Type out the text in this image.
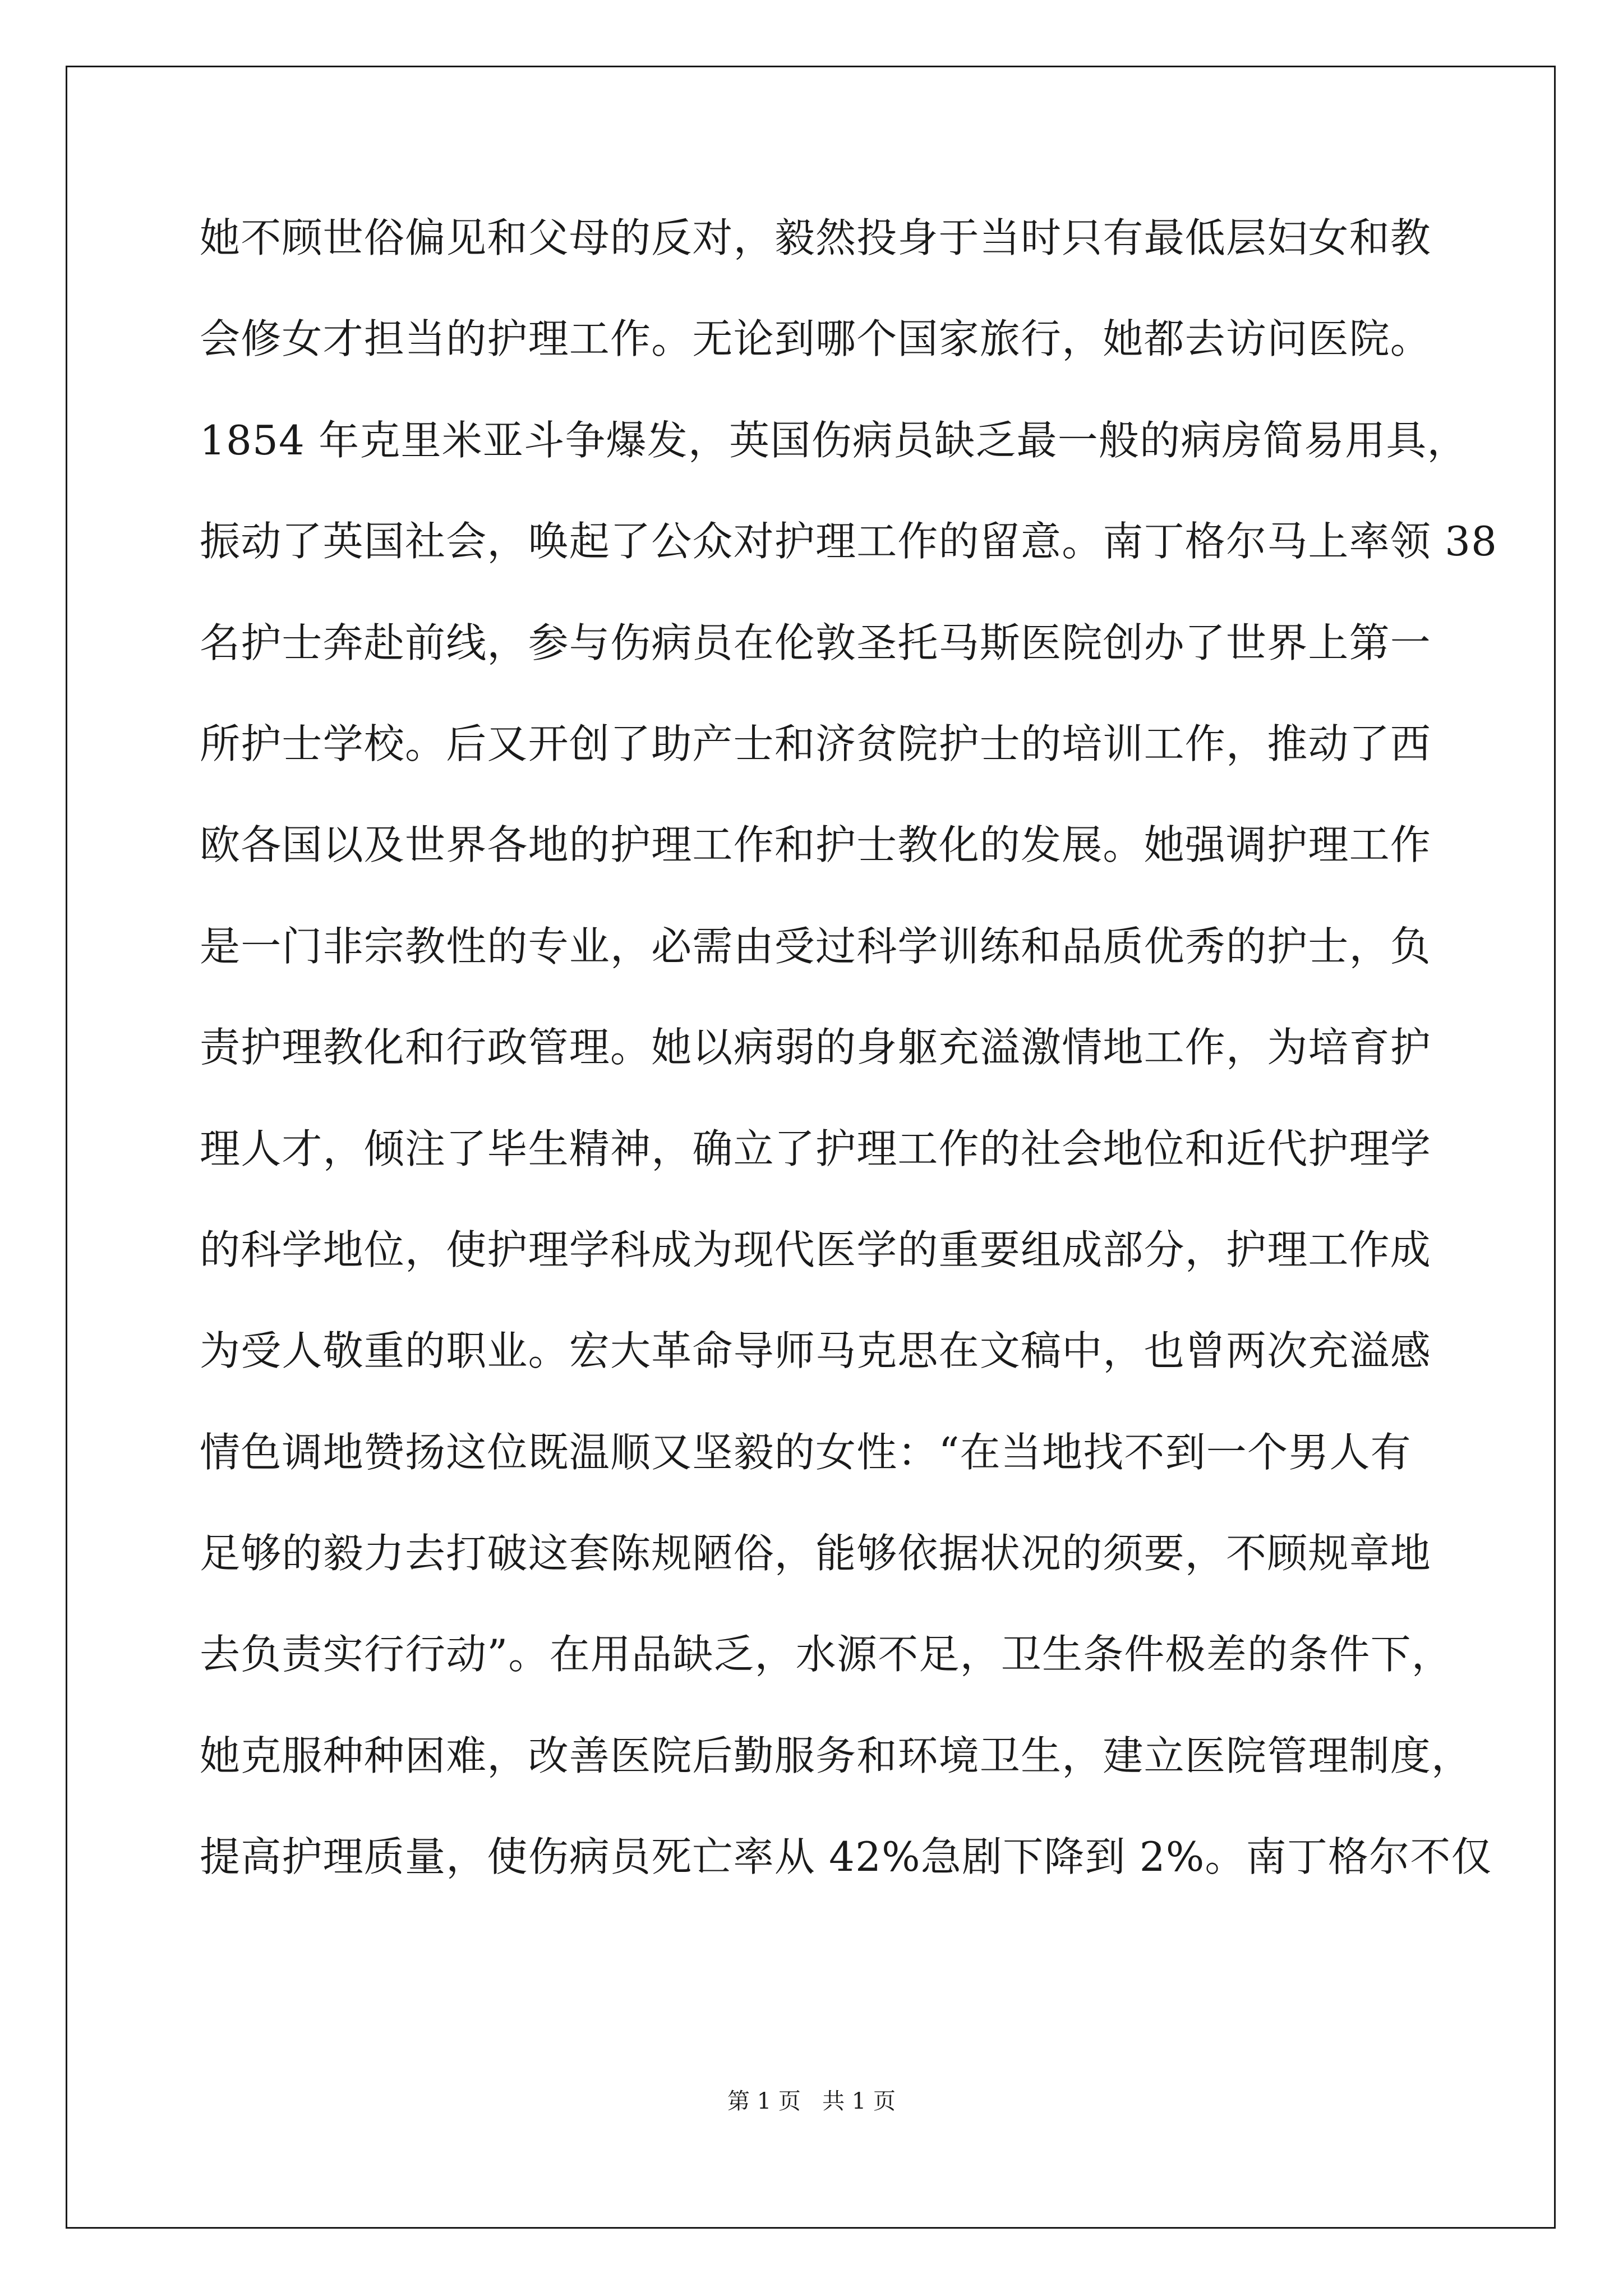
她不顾世俗偏见和父母的反对，毅然投身于当时只有最低层妇女和教
会修女才担当的护理工作。无论到哪个国家旅行，她都去访问医院。
1854 年克里米亚斗争爆发，英国伤病员缺乏最一般的病房简易用具，
振动了英国社会，唤起了公众对护理工作的留意。南丁格尔马上率领 38
名护士奔赴前线，参与伤病员在伦敦圣托马斯医院创办了世界上第一
所护士学校。后又开创了助产士和济贫院护士的培训工作，推动了西
欧各国以及世界各地的护理工作和护士教化的发展。她强调护理工作
是一门非宗教性的专业，必需由受过科学训练和品质优秀的护士，负
责护理教化和行政管理。她以病弱的身躯充溢激情地工作，为培育护
理人才，倾注了毕生精神，确立了护理工作的社会地位和近代护理学
的科学地位，使护理学科成为现代医学的重要组成部分，护理工作成
为受人敬重的职业。宏大革命导师马克思在文稿中，也曾两次充溢感
情色调地赞扬这位既温顺又坚毅的女性：“在当地找不到一个男人有
足够的毅力去打破这套陈规陋俗，能够依据状况的须要，不顾规章地
去负责实行行动”。在用品缺乏，水源不足，卫生条件极差的条件下，
她克服种种困难，改善医院后勤服务和环境卫生，建立医院管理制度，
提高护理质量，使伤病员死亡率从 42%急剧下降到 2%。南丁格尔不仅
第 1 页   共 1 页
